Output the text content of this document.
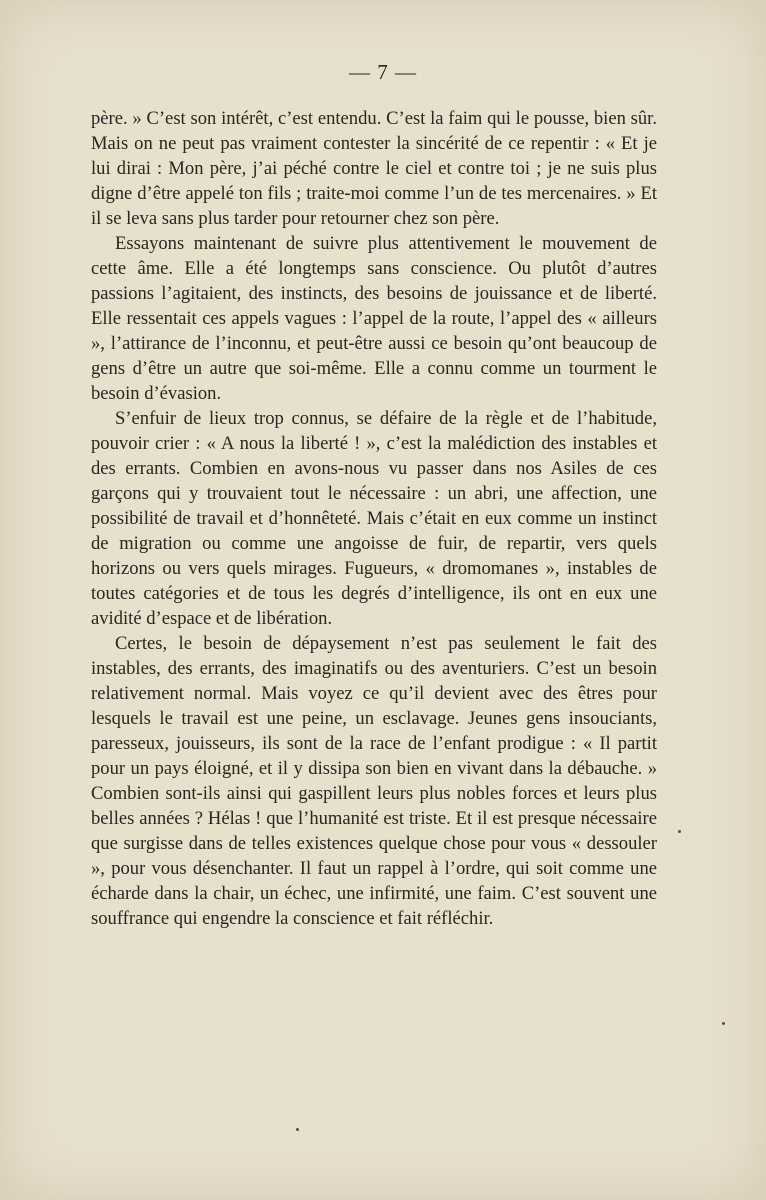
— 7 —

père. » C’est son intérêt, c’est entendu. C’est la faim qui le pousse, bien sûr. Mais on ne peut pas vraiment contester la sincérité de ce repentir : « Et je lui dirai : Mon père, j’ai péché contre le ciel et contre toi ; je ne suis plus digne d’être appelé ton fils ; traite-moi comme l’un de tes mercenaires. » Et il se leva sans plus tarder pour retourner chez son père.

Essayons maintenant de suivre plus attentivement le mouvement de cette âme. Elle a été longtemps sans conscience. Ou plutôt d’autres passions l’agitaient, des instincts, des besoins de jouissance et de liberté. Elle ressentait ces appels vagues : l’appel de la route, l’appel des « ailleurs », l’attirance de l’inconnu, et peut-être aussi ce besoin qu’ont beaucoup de gens d’être un autre que soi-même. Elle a connu comme un tourment le besoin d’évasion.

S’enfuir de lieux trop connus, se défaire de la règle et de l’habitude, pouvoir crier : « A nous la liberté ! », c’est la malédiction des instables et des errants. Combien en avons-nous vu passer dans nos Asiles de ces garçons qui y trouvaient tout le nécessaire : un abri, une affection, une possibilité de travail et d’honnêteté. Mais c’était en eux comme un instinct de migration ou comme une angoisse de fuir, de repartir, vers quels horizons ou vers quels mirages. Fugueurs, « dromomanes », instables de toutes catégories et de tous les degrés d’intelligence, ils ont en eux une avidité d’espace et de libération.

Certes, le besoin de dépaysement n’est pas seulement le fait des instables, des errants, des imaginatifs ou des aventuriers. C’est un besoin relativement normal. Mais voyez ce qu’il devient avec des êtres pour lesquels le travail est une peine, un esclavage. Jeunes gens insouciants, paresseux, jouisseurs, ils sont de la race de l’enfant prodigue : « Il partit pour un pays éloigné, et il y dissipa son bien en vivant dans la débauche. » Combien sont-ils ainsi qui gaspillent leurs plus nobles forces et leurs plus belles années ? Hélas ! que l’humanité est triste. Et il est presque nécessaire que surgisse dans de telles existences quelque chose pour vous « dessouler », pour vous désenchanter. Il faut un rappel à l’ordre, qui soit comme une écharde dans la chair, un échec, une infirmité, une faim. C’est souvent une souffrance qui engendre la conscience et fait réfléchir.
